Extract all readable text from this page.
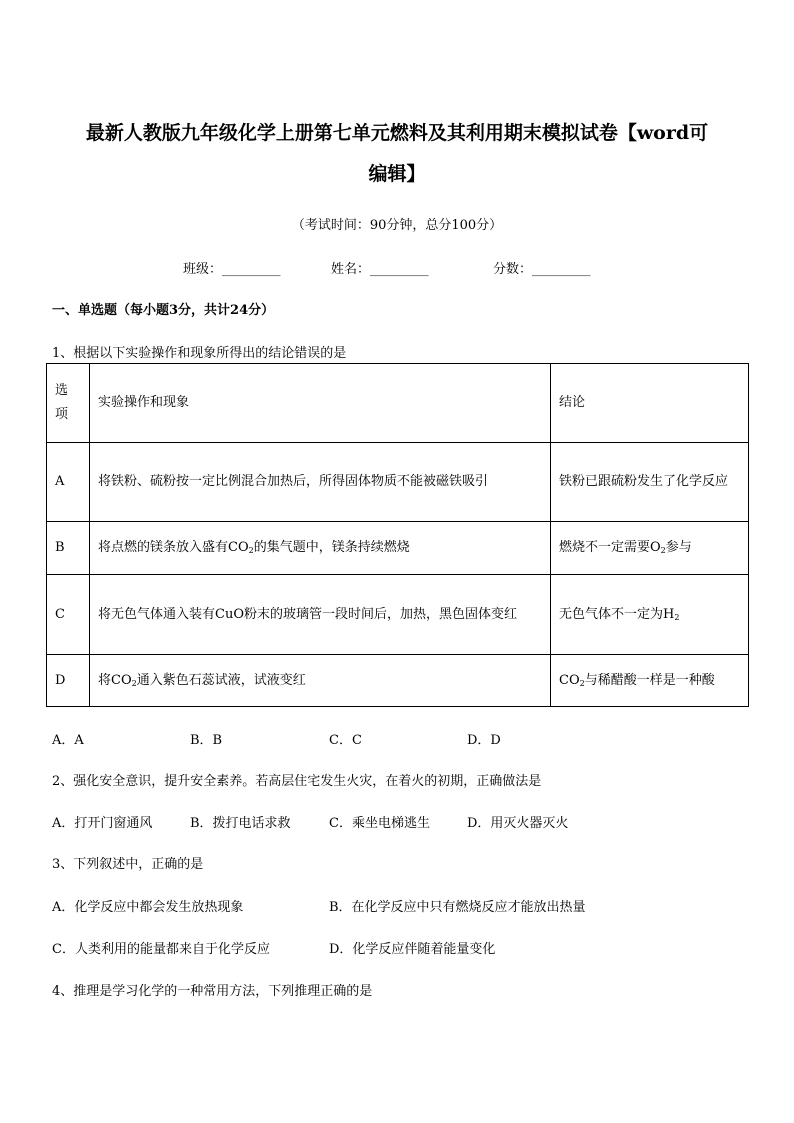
最新人教版九年级化学上册第七单元燃料及其利用期末模拟试卷【word可
编辑】
（考试时间：90分钟，总分100分）
班级：_________	姓名：_________	分数：_________
一、单选题（每小题3分，共计24分）
1、根据以下实验操作和现象所得出的结论错误的是
选
项	实验操作和现象	结论
A	将铁粉、硫粉按一定比例混合加热后，所得固体物质不能被磁铁吸引	铁粉已跟硫粉发生了化学反应
B	将点燃的镁条放入盛有$CO_2$的集气题中，镁条持续燃烧	燃烧不一定需要$O_2$参与
C	将无色气体通入装有CuO粉末的玻璃管一段时间后，加热，黑色固体变红	无色气体不一定为$H_2$
D	将$CO_2$通入紫色石蕊试液，试液变红	$CO_2$与稀醋酸一样是一种酸
A．A	B．B	C．C	D．D
2、强化安全意识，提升安全素养。若高层住宅发生火灾，在着火的初期，正确做法是
A．打开门窗通风	B．拨打电话求救	C．乘坐电梯逃生	D．用灭火器灭火
3、下列叙述中，正确的是
A．化学反应中都会发生放热现象	B．在化学反应中只有燃烧反应才能放出热量
C．人类利用的能量都来自于化学反应	D．化学反应伴随着能量变化
4、推理是学习化学的一种常用方法，下列推理正确的是
